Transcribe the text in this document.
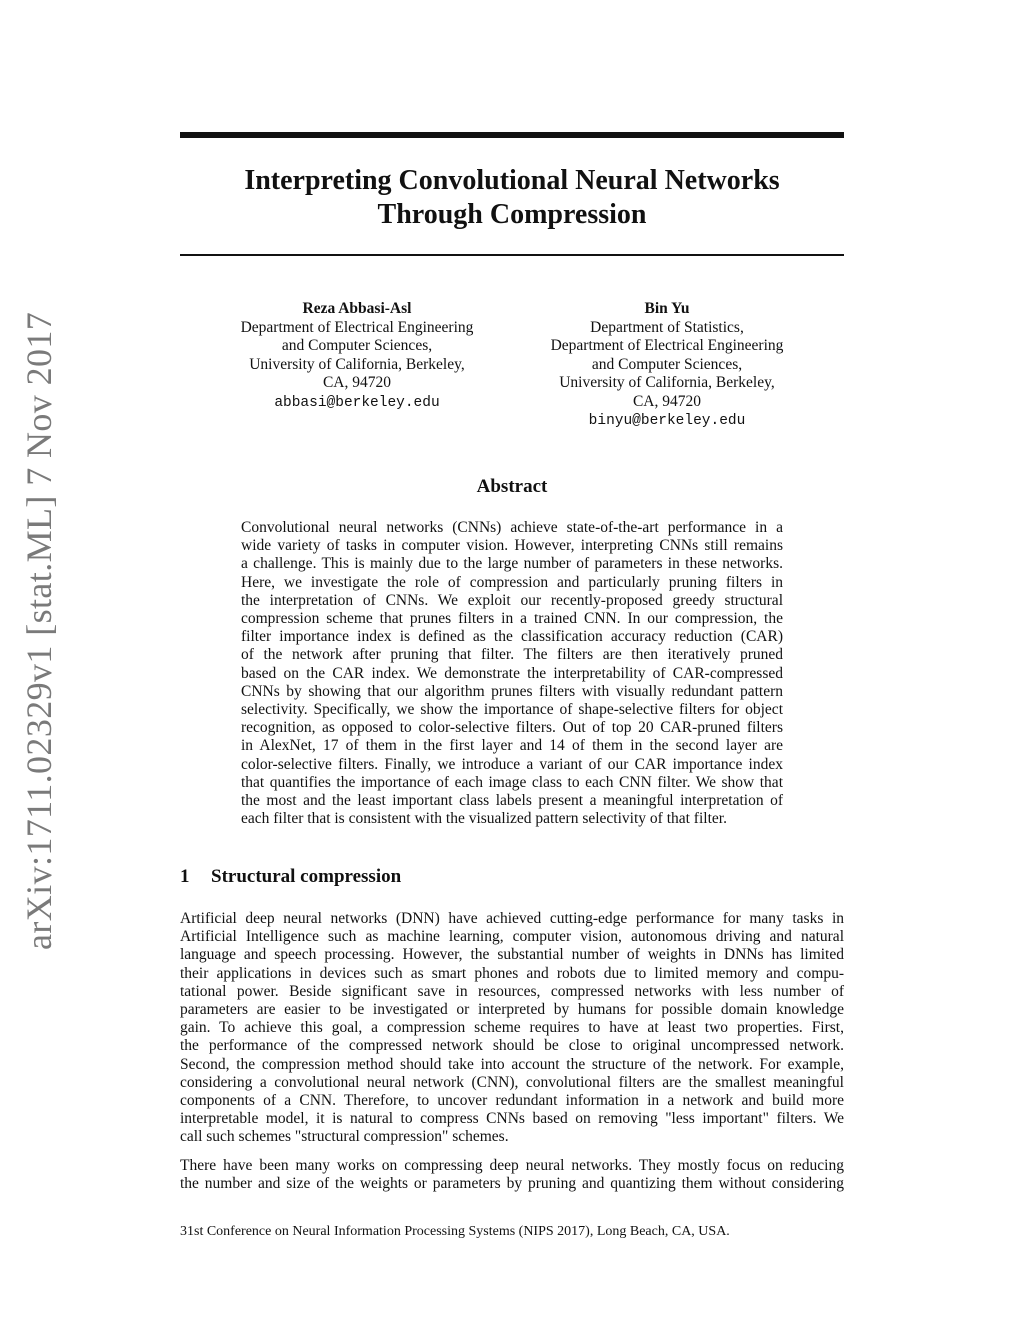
arXiv:1711.02329v1 [stat.ML] 7 Nov 2017
Interpreting Convolutional Neural Networks
Through Compression
Reza Abbasi-Asl
Department of Electrical Engineering
and Computer Sciences,
University of California, Berkeley,
CA, 94720
abbasi@berkeley.edu
Bin Yu
Department of Statistics,
Department of Electrical Engineering
and Computer Sciences,
University of California, Berkeley,
CA, 94720
binyu@berkeley.edu
Abstract
Convolutional neural networks (CNNs) achieve state-of-the-art performance in a
wide variety of tasks in computer vision. However, interpreting CNNs still remains
a challenge. This is mainly due to the large number of parameters in these networks.
Here, we investigate the role of compression and particularly pruning filters in
the interpretation of CNNs. We exploit our recently-proposed greedy structural
compression scheme that prunes filters in a trained CNN. In our compression, the
filter importance index is defined as the classification accuracy reduction (CAR)
of the network after pruning that filter. The filters are then iteratively pruned
based on the CAR index. We demonstrate the interpretability of CAR-compressed
CNNs by showing that our algorithm prunes filters with visually redundant pattern
selectivity. Specifically, we show the importance of shape-selective filters for object
recognition, as opposed to color-selective filters. Out of top 20 CAR-pruned filters
in AlexNet, 17 of them in the first layer and 14 of them in the second layer are
color-selective filters. Finally, we introduce a variant of our CAR importance index
that quantifies the importance of each image class to each CNN filter. We show that
the most and the least important class labels present a meaningful interpretation of
each filter that is consistent with the visualized pattern selectivity of that filter.
1 Structural compression
Artificial deep neural networks (DNN) have achieved cutting-edge performance for many tasks in
Artificial Intelligence such as machine learning, computer vision, autonomous driving and natural
language and speech processing. However, the substantial number of weights in DNNs has limited
their applications in devices such as smart phones and robots due to limited memory and compu-
tational power. Beside significant save in resources, compressed networks with less number of
parameters are easier to be investigated or interpreted by humans for possible domain knowledge
gain. To achieve this goal, a compression scheme requires to have at least two properties. First,
the performance of the compressed network should be close to original uncompressed network.
Second, the compression method should take into account the structure of the network. For example,
considering a convolutional neural network (CNN), convolutional filters are the smallest meaningful
components of a CNN. Therefore, to uncover redundant information in a network and build more
interpretable model, it is natural to compress CNNs based on removing "less important" filters. We
call such schemes "structural compression" schemes.
There have been many works on compressing deep neural networks. They mostly focus on reducing
the number and size of the weights or parameters by pruning and quantizing them without considering
31st Conference on Neural Information Processing Systems (NIPS 2017), Long Beach, CA, USA.
